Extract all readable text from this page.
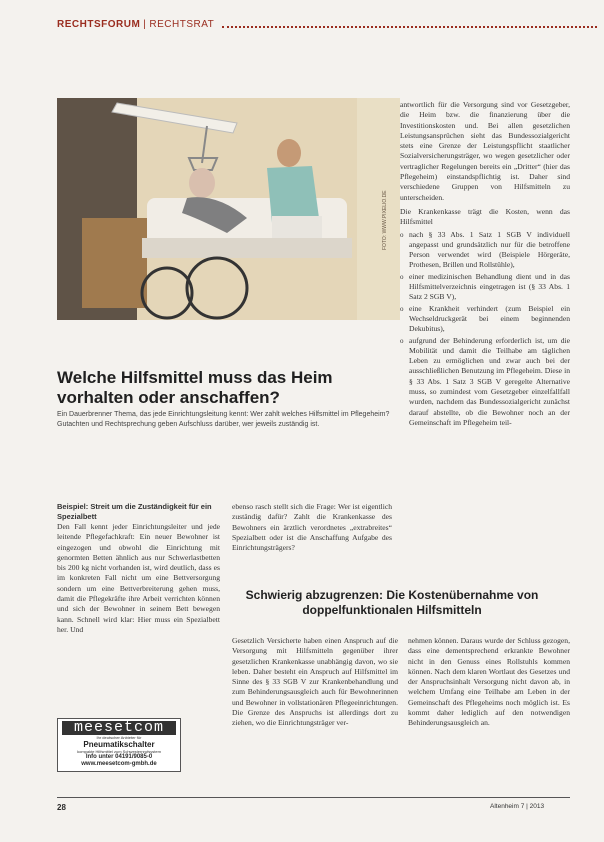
RECHTSFORUM | RECHTSRAT
FOTO: WWW.PIXELIO.DE

antwortlich für die Versorgung sind vor Gesetzgeber, die Heim bzw. die finanzierung über die Investitionskosten und. Bei allen gesetzlichen Leistungsansprüchen sieht das Bundessozialgericht stets eine Grenze der Leistungspflicht staatlicher Sozialversicherungsträger, wo wegen gesetzlicher oder vertraglicher Regelungen bereits ein „Dritter“ (hier das Pflegeheim) einstandspflichtig ist. Daher sind verschiedene Gruppen von Hilfsmitteln zu unterscheiden.

Die Krankenkasse trägt die Kosten, wenn das Hilfsmittel

o nach § 33 Abs. 1 Satz 1 SGB V individuell angepasst und grundsätzlich nur für die betroffene Person verwendet wird (Beispiele Hörgeräte, Prothesen, Brillen und Rollstühle),
o einer medizinischen Behandlung dient und in das Hilfsmittelverzeichnis eingetragen ist (§ 33 Abs. 1 Satz 2 SGB V),
o eine Krankheit verhindert (zum Beispiel ein Wechseldruckgerät bei einem beginnenden Dekubitus),
o aufgrund der Behinderung erforderlich ist, um die Mobilität und damit die Teilhabe am täglichen Leben zu ermöglichen und zwar auch bei der ausschließlichen Benutzung im Pflegeheim. Diese in § 33 Abs. 1 Satz 3 SGB V geregelte Alternative muss, so zumindest vom Gesetzgeber einzelfallfall wurden, nachdem das Bundessozialgericht zunächst darauf abstellte, ob die Bewohner noch an der Gemeinschaft im Pflegeheim teil-
Welche Hilfsmittel muss das Heim vorhalten oder anschaffen?

Ein Dauerbrenner Thema, das jede Einrichtungsleitung kennt: Wer zahlt welches Hilfsmittel im Pflegeheim? Gutachten und Rechtsprechung geben Aufschluss darüber, wer jeweils zuständig ist.

Beispiel: Streit um die Zuständigkeit für ein Spezialbett

Den Fall kennt jeder Einrichtungsleiter und jede leitende Pflegefachkraft: Ein neuer Bewohner ist eingezogen und obwohl die Einrichtung mit genormten Betten ähnlich aus nur Schwerlastbetten bis 200 kg nicht vorhanden ist, wird deutlich, dass es im konkreten Fall nicht um eine Bettversorgung sondern um eine Bettverbreiterung gehen muss, damit die Pflegekräfte ihre Arbeit verrichten können und sich der Bewohner in seinem Bett bewegen kann. Schnell wird klar: Hier muss ein Spezialbett her. Und

ebenso rasch stellt sich die Frage: Wer ist eigentlich zuständig dafür? Zahlt die Krankenkasse des Bewohners ein ärztlich verordnetes „extrabreites“ Spezialbett oder ist die Anschaffung Aufgabe des Einrichtungsträgers?

Schwierig abzugrenzen: Die Kostenübernahme von doppelfunktionalen Hilfsmitteln

Gesetzlich Versicherte haben einen Anspruch auf die Versorgung mit Hilfsmitteln gegenüber ihrer gesetzlichen Krankenkasse unabhängig davon, wo sie leben. Daher besteht ein Anspruch auf Hilfsmittel im Sinne des § 33 SGB V zur Krankenbehandlung und zum Behinderungsausgleich auch für Bewohnerinnen und Bewohner in vollstationären Pflegeeinrichtungen. Die Grenze des Anspruchs ist allerdings dort zu ziehen, wo die Einrichtungsträger ver-

nehmen können. Daraus wurde der Schluss gezogen, dass eine dementsprechend erkrankte Bewohner nicht in den Genuss eines Rollstuhls kommen können. Nach dem klaren Wortlaut des Gesetzes und der Anspruchsinhalt Versorgung nicht davon ab, in welchem Umfang eine Teilhabe am Leben in der Gemeinschaft des Pflegeheims noch möglich ist. Es kommt daher lediglich auf den notwendigen Behinderungsausgleich an.

meesetcom
Ihr deutscher Anbieter für
Pneumatikschalter
kompakte Hilfsmittel zum Schwesternrufsystem
Info unter 04191/9085-0
www.meesetcom-gmbh.de
28	Altenheim 7 | 2013
